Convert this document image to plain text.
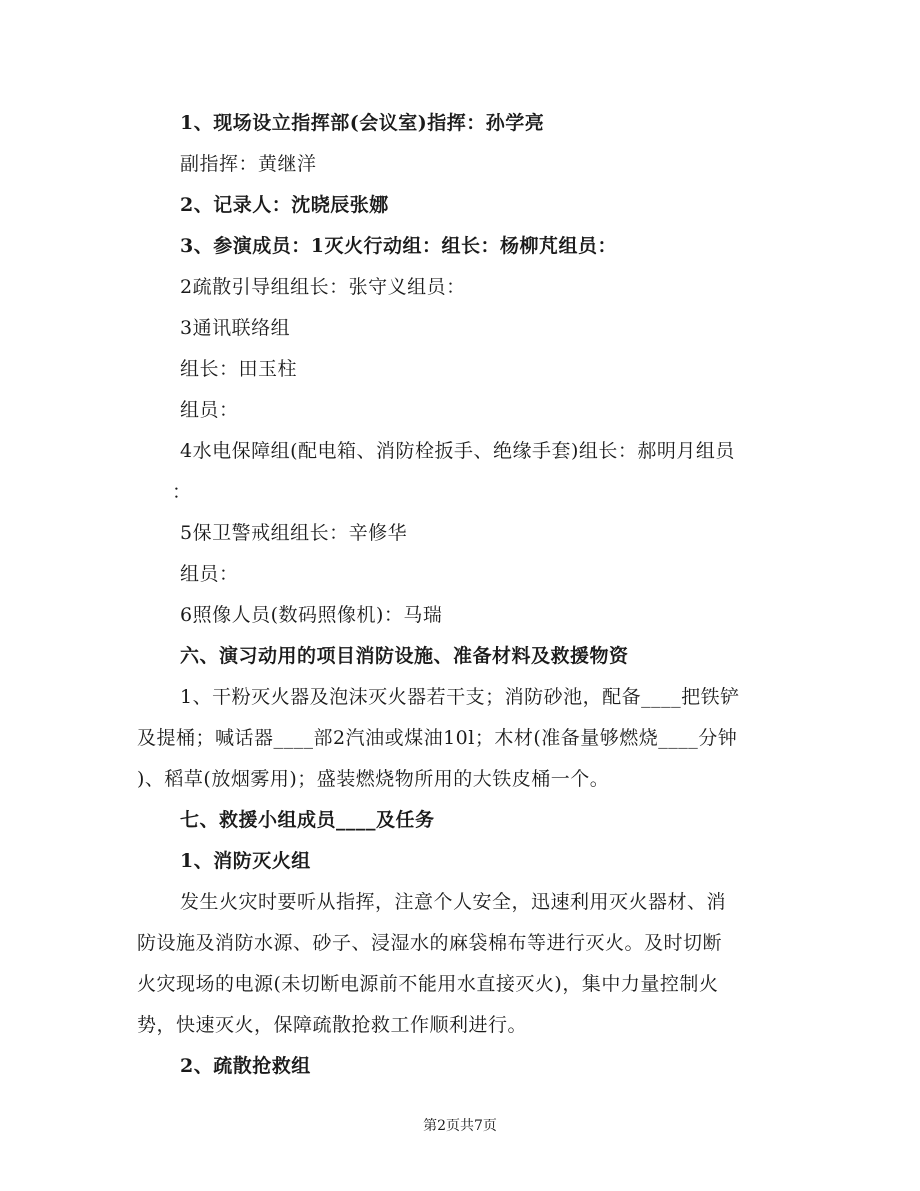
1、现场设立指挥部(会议室)指挥：孙学亮
副指挥：黄继洋
2、记录人：沈晓辰张娜
3、参演成员：1灭火行动组：组长：杨柳芃组员：
2疏散引导组组长：张守义组员：
3通讯联络组
组长：田玉柱
组员：
4水电保障组(配电箱、消防栓扳手、绝缘手套)组长：郝明月组员
：
5保卫警戒组组长：辛修华
组员：
6照像人员(数码照像机)：马瑞
六、演习动用的项目消防设施、准备材料及救援物资
1、干粉灭火器及泡沫灭火器若干支；消防砂池，配备____把铁铲
及提桶；喊话器____部2汽油或煤油10l；木材(准备量够燃烧____分钟
)、稻草(放烟雾用)；盛装燃烧物所用的大铁皮桶一个。
七、救援小组成员____及任务
1、消防灭火组
发生火灾时要听从指挥，注意个人安全，迅速利用灭火器材、消
防设施及消防水源、砂子、浸湿水的麻袋棉布等进行灭火。及时切断
火灾现场的电源(未切断电源前不能用水直接灭火)，集中力量控制火
势，快速灭火，保障疏散抢救工作顺利进行。
2、疏散抢救组
第2页共7页
